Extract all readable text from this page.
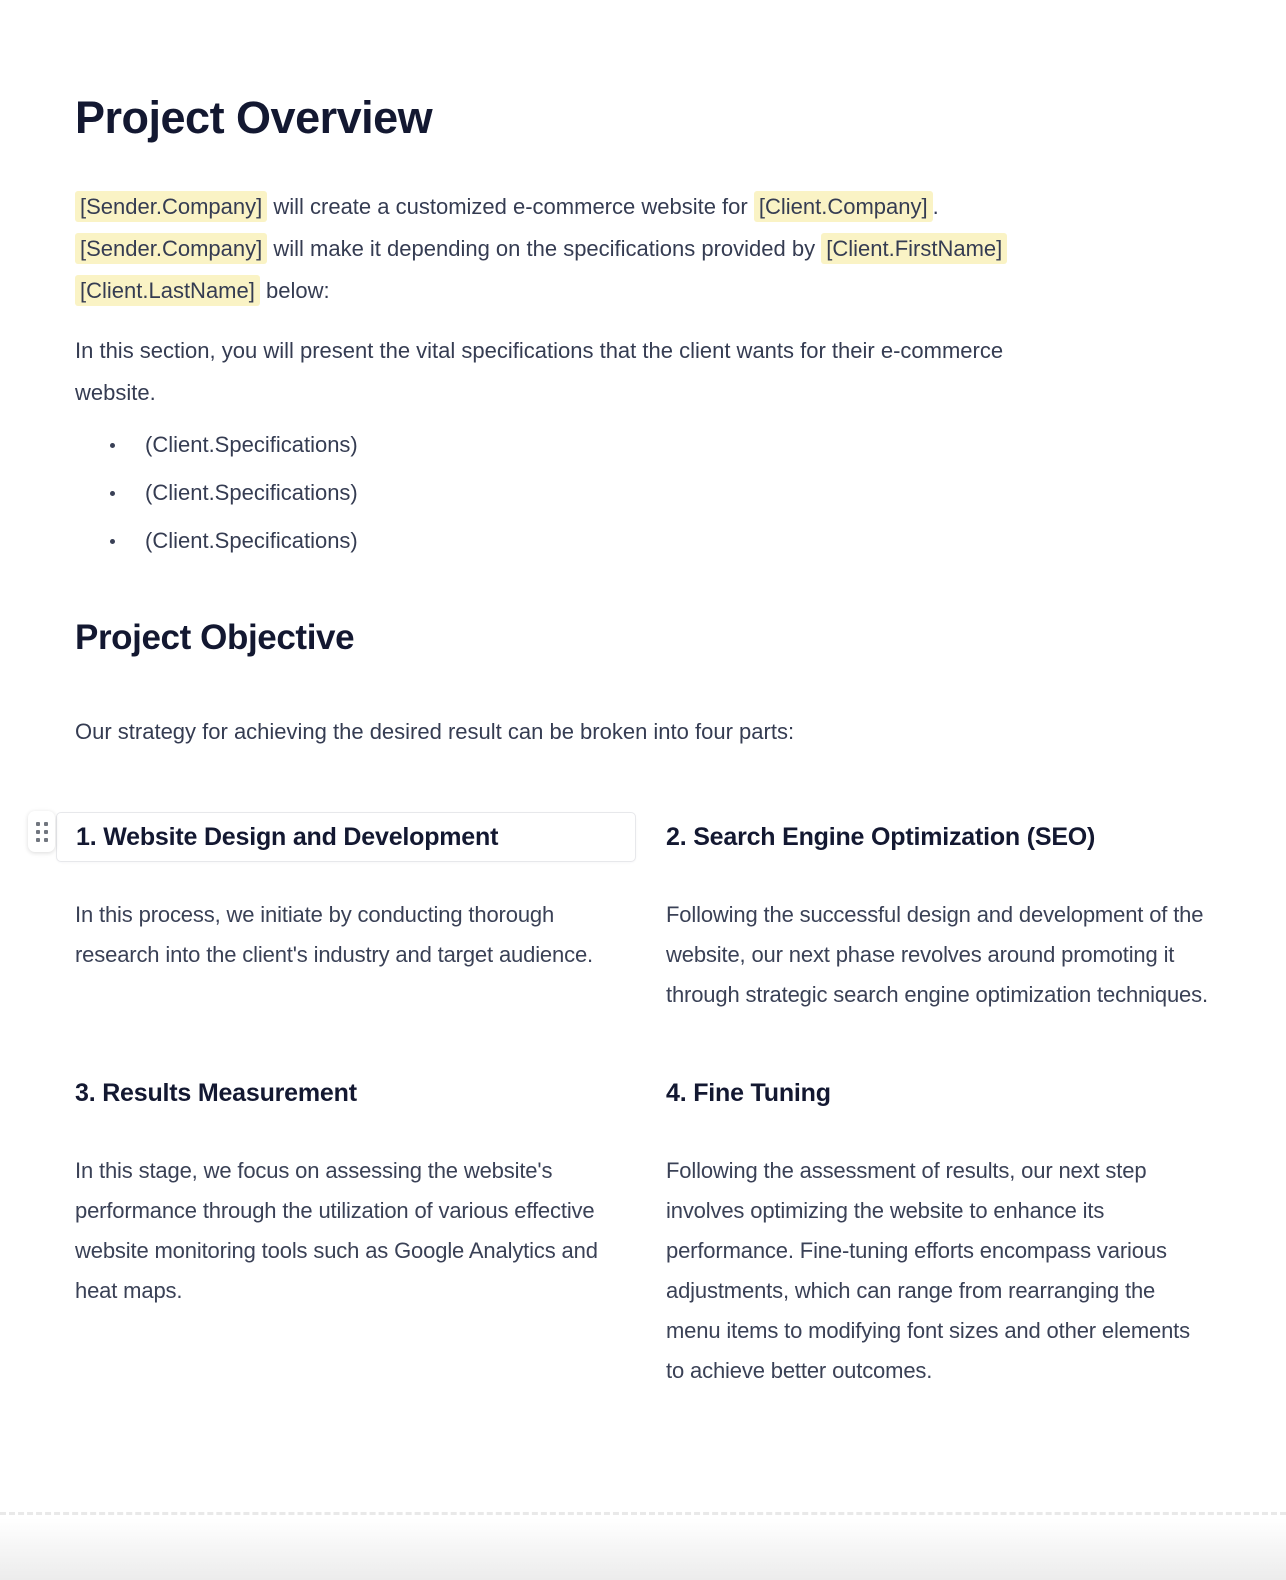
Project Overview
[Sender.Company] will create a customized e-commerce website for [Client.Company] .
[Sender.Company] will make it depending on the specifications provided by [Client.FirstName]
[Client.LastName] below:
In this section, you will present the vital specifications that the client wants for their e-commerce
website.
(Client.Specifications)
(Client.Specifications)
(Client.Specifications)
Project Objective
Our strategy for achieving the desired result can be broken into four parts:
1. Website Design and Development
In this process, we initiate by conducting thorough research into the client's industry and target audience.
2. Search Engine Optimization (SEO)
Following the successful design and development of the website, our next phase revolves around promoting it through strategic search engine optimization techniques.
3. Results Measurement
In this stage, we focus on assessing the website's performance through the utilization of various effective website monitoring tools such as Google Analytics and heat maps.
4. Fine Tuning
Following the assessment of results, our next step involves optimizing the website to enhance its performance. Fine-tuning efforts encompass various adjustments, which can range from rearranging the menu items to modifying font sizes and other elements to achieve better outcomes.
